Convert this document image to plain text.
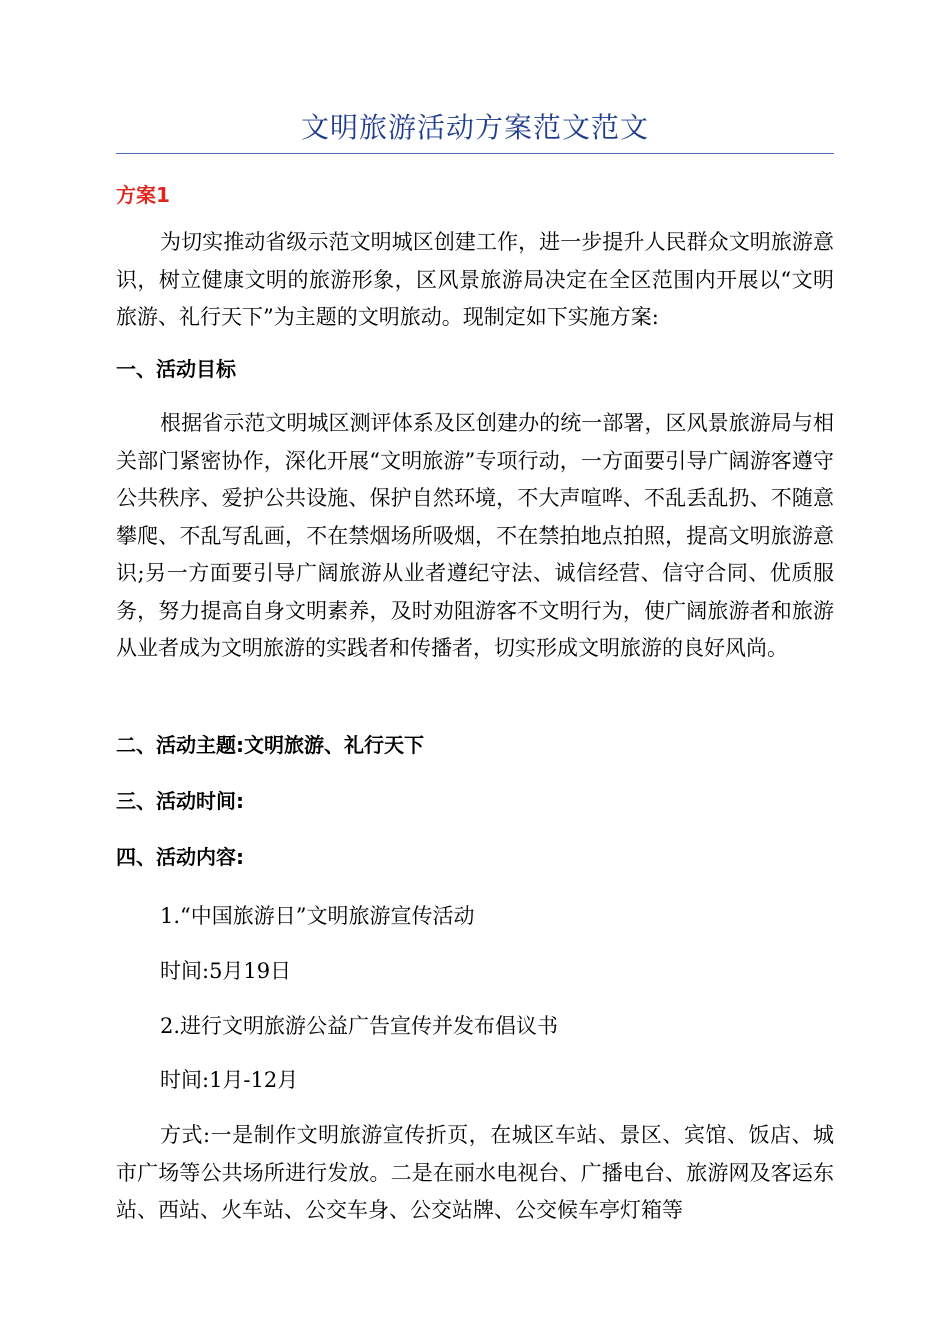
文明旅游活动方案范文范文
方案1

为切实推动省级示范文明城区创建工作，进一步提升人民群众文明旅游意识，树立健康文明的旅游形象，区风景旅游局决定在全区范围内开展以“文明旅游、礼行天下”为主题的文明旅动。现制定如下实施方案:

一、活动目标

根据省示范文明城区测评体系及区创建办的统一部署，区风景旅游局与相关部门紧密协作，深化开展“文明旅游”专项行动，一方面要引导广阔游客遵守公共秩序、爱护公共设施、保护自然环境，不大声喧哗、不乱丢乱扔、不随意攀爬、不乱写乱画，不在禁烟场所吸烟，不在禁拍地点拍照，提高文明旅游意识;另一方面要引导广阔旅游从业者遵纪守法、诚信经营、信守合同、优质服务，努力提高自身文明素养，及时劝阻游客不文明行为，使广阔旅游者和旅游从业者成为文明旅游的实践者和传播者，切实形成文明旅游的良好风尚。

二、活动主题:文明旅游、礼行天下
三、活动时间:
四、活动内容:
1.“中国旅游日”文明旅游宣传活动
时间:5月19日
2.进行文明旅游公益广告宣传并发布倡议书
时间:1月-12月

方式:一是制作文明旅游宣传折页，在城区车站、景区、宾馆、饭店、城市广场等公共场所进行发放。二是在丽水电视台、广播电台、旅游网及客运东站、西站、火车站、公交车身、公交站牌、公交候车亭灯箱等
